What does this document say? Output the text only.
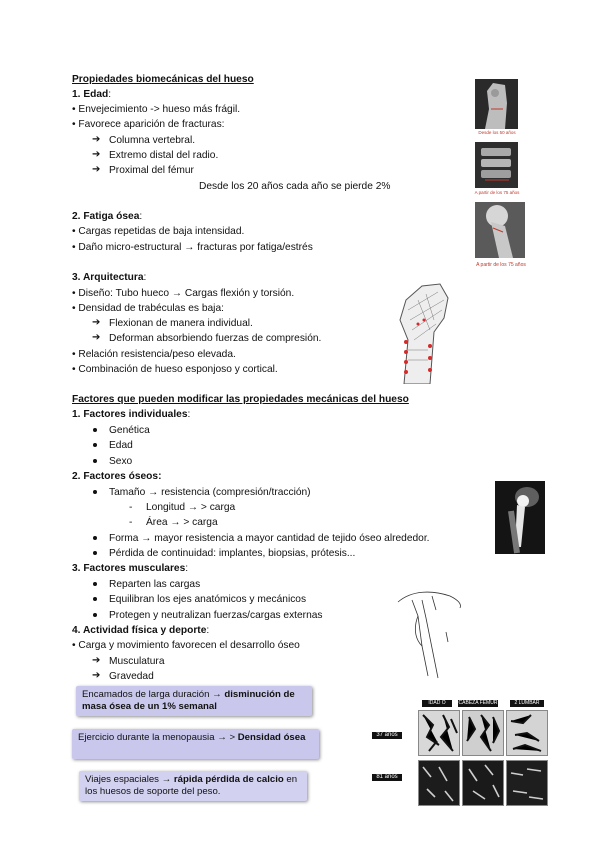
Propiedades biomecánicas del hueso
1. Edad:
• Envejecimiento -> hueso más frágil.
• Favorece aparición de fracturas:
➔ Columna vertebral.
➔ Extremo distal del radio.
➔ Proximal del fémur
Desde los 20 años cada año se pierde 2%
2. Fatiga ósea:
• Cargas repetidas de baja intensidad.
• Daño micro-estructural → fracturas por fatiga/estrés
3. Arquitectura:
• Diseño: Tubo hueco → Cargas flexión y torsión.
• Densidad de trabéculas es baja:
➔ Flexionan de manera individual.
➔ Deforman absorbiendo fuerzas de compresión.
• Relación resistencia/peso elevada.
• Combinación de hueso esponjoso y cortical.
Factores que pueden modificar las propiedades mecánicas del hueso
1. Factores individuales:
Genética
Edad
Sexo
2. Factores óseos:
Tamaño → resistencia (compresión/tracción)
- Longitud → > carga
- Área → > carga
Forma → mayor resistencia a mayor cantidad de tejido óseo alrededor.
Pérdida de continuidad: implantes, biopsias, prótesis...
3. Factores musculares:
Reparten las cargas
Equilibran los ejes anatómicos y mecánicos
Protegen y neutralizan fuerzas/cargas externas
4. Actividad física y deporte:
• Carga y movimiento favorecen el desarrollo óseo
➔ Musculatura
➔ Gravedad
Encamados de larga duración → disminución de masa ósea de un 1% semanal
Ejercicio durante la menopausia → > Densidad ósea
Viajes espaciales → rápida pérdida de calcio en los huesos de soporte del peso.
Desde los 50 años
A partir de los 75 años
A partir de los 75 años
IDAD O	CABEZA FEMUR	2 LUMBAR
37 años
81 años
